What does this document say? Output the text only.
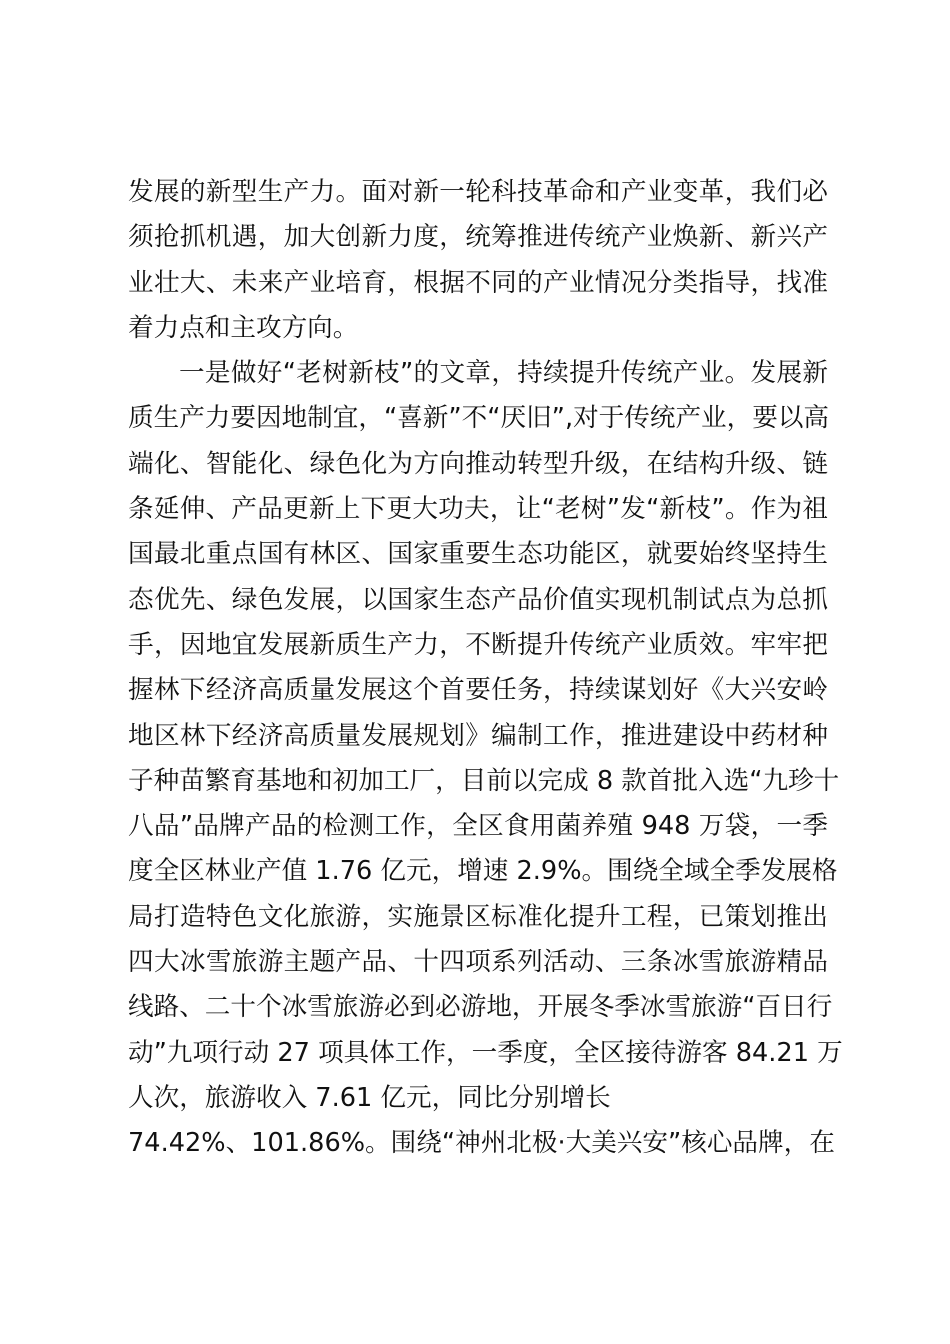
发展的新型生产力。面对新一轮科技革命和产业变革，我们必
须抢抓机遇，加大创新力度，统筹推进传统产业焕新、新兴产
业壮大、未来产业培育，根据不同的产业情况分类指导，找准
着力点和主攻方向。
一是做好“老树新枝”的文章，持续提升传统产业。发展新
质生产力要因地制宜，“喜新”不“厌旧”,对于传统产业，要以高
端化、智能化、绿色化为方向推动转型升级，在结构升级、链
条延伸、产品更新上下更大功夫，让“老树”发“新枝”。作为祖
国最北重点国有林区、国家重要生态功能区，就要始终坚持生
态优先、绿色发展，以国家生态产品价值实现机制试点为总抓
手，因地宜发展新质生产力，不断提升传统产业质效。牢牢把
握林下经济高质量发展这个首要任务，持续谋划好《大兴安岭
地区林下经济高质量发展规划》编制工作，推进建设中药材种
子种苗繁育基地和初加工厂，目前以完成 8 款首批入选“九珍十
八品”品牌产品的检测工作，全区食用菌养殖 948 万袋，一季
度全区林业产值 1.76 亿元，增速 2.9%。围绕全域全季发展格
局打造特色文化旅游，实施景区标准化提升工程，已策划推出
四大冰雪旅游主题产品、十四项系列活动、三条冰雪旅游精品
线路、二十个冰雪旅游必到必游地，开展冬季冰雪旅游“百日行
动”九项行动 27 项具体工作，一季度，全区接待游客 84.21 万
人次，旅游收入 7.61 亿元，同比分别增长
74.42%、101.86%。围绕“神州北极·大美兴安”核心品牌，在
